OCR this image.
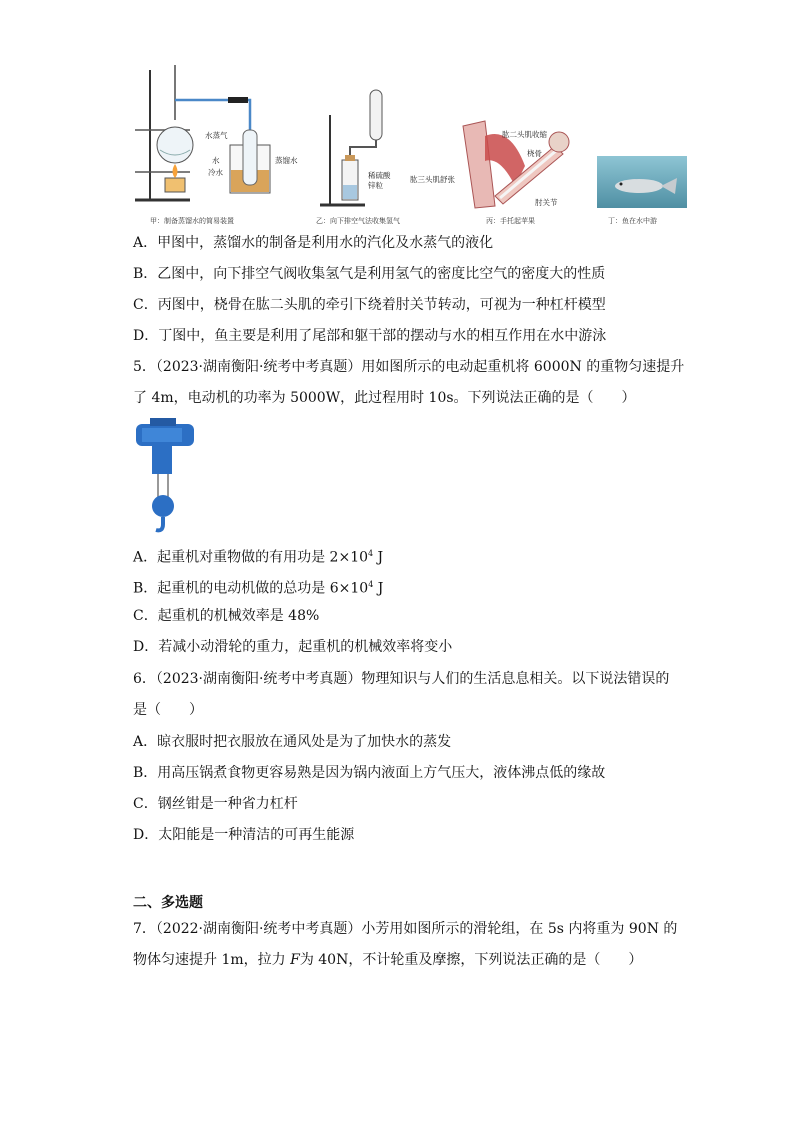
水蒸气
水
冷水
蒸馏水
甲：制备蒸馏水的简易装置
稀硫酸
锌粒
乙：向下排空气法收集氢气
肱二头肌收缩
桡骨
肱三头肌舒张
肘关节
丙：手托起苹果	丁：鱼在水中游
A．甲图中，蒸馏水的制备是利用水的汽化及水蒸气的液化
B．乙图中，向下排空气阀收集氢气是利用氢气的密度比空气的密度大的性质
C．丙图中，桡骨在肱二头肌的牵引下绕着肘关节转动，可视为一种杠杆模型
D．丁图中，鱼主要是利用了尾部和躯干部的摆动与水的相互作用在水中游泳
5．（2023·湖南衡阳·统考中考真题）用如图所示的电动起重机将 6000N 的重物匀速提升
了 4m，电动机的功率为 5000W，此过程用时 10s。下列说法正确的是（　　）
A．起重机对重物做的有用功是 $2\times 10^4$ J
B．起重机的电动机做的总功是 $6\times 10^4$ J
C．起重机的机械效率是 48%
D．若减小动滑轮的重力，起重机的机械效率将变小
6．（2023·湖南衡阳·统考中考真题）物理知识与人们的生活息息相关。以下说法错误的
是（　　）
A．晾衣服时把衣服放在通风处是为了加快水的蒸发
B．用高压锅煮食物更容易熟是因为锅内液面上方气压大，液体沸点低的缘故
C．钢丝钳是一种省力杠杆
D．太阳能是一种清洁的可再生能源
二、多选题
7．（2022·湖南衡阳·统考中考真题）小芳用如图所示的滑轮组，在 5s 内将重为 90N 的
物体匀速提升 1m，拉力 F为 40N，不计轮重及摩擦，下列说法正确的是（　　）
